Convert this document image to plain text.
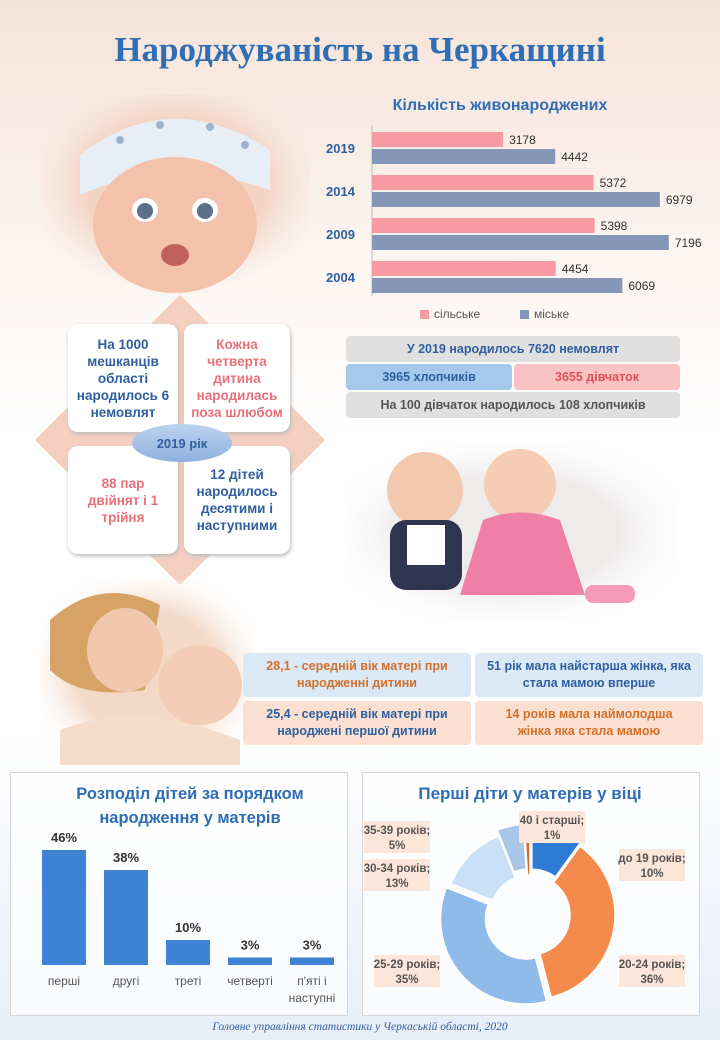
Народжуваність на Черкащині
Кількість живонароджених
2019
3178
4442
2014
5372
6979
2009
5398
7196
2004
4454
6069
сільське	міське
На 1000 мешканців області народилось 6 немовлят
Кожна четверта дитина народилась поза шлюбом
88 пар двійнят і 1 трійня
12 дітей народилось десятими і наступними
2019 рік
У 2019 народилось 7620 немовлят
3965 хлопчиків	3655 дівчаток
На 100 дівчаток народилось 108 хлопчиків
28,1 - середній вік матері при народженні дитини
25,4 - середній вік матері при народжені першої дитини
51 рік мала найстарша жінка, яка стала мамою вперше
14 років мала наймолодша жінка яка стала мамою
Розподіл дітей за порядком народження у матерів
46%
перші
38%
другі
10%
треті
3%
четверті
3%
п'яті і наступні
Перші діти у матерів у віці
до 19 років;
10%
20-24 років;
36%
25-29 років;
35%
30-34 років;
13%
35-39 років;
5%
40 і старші;
1%
Головне управління статистики у Черкаській області, 2020
